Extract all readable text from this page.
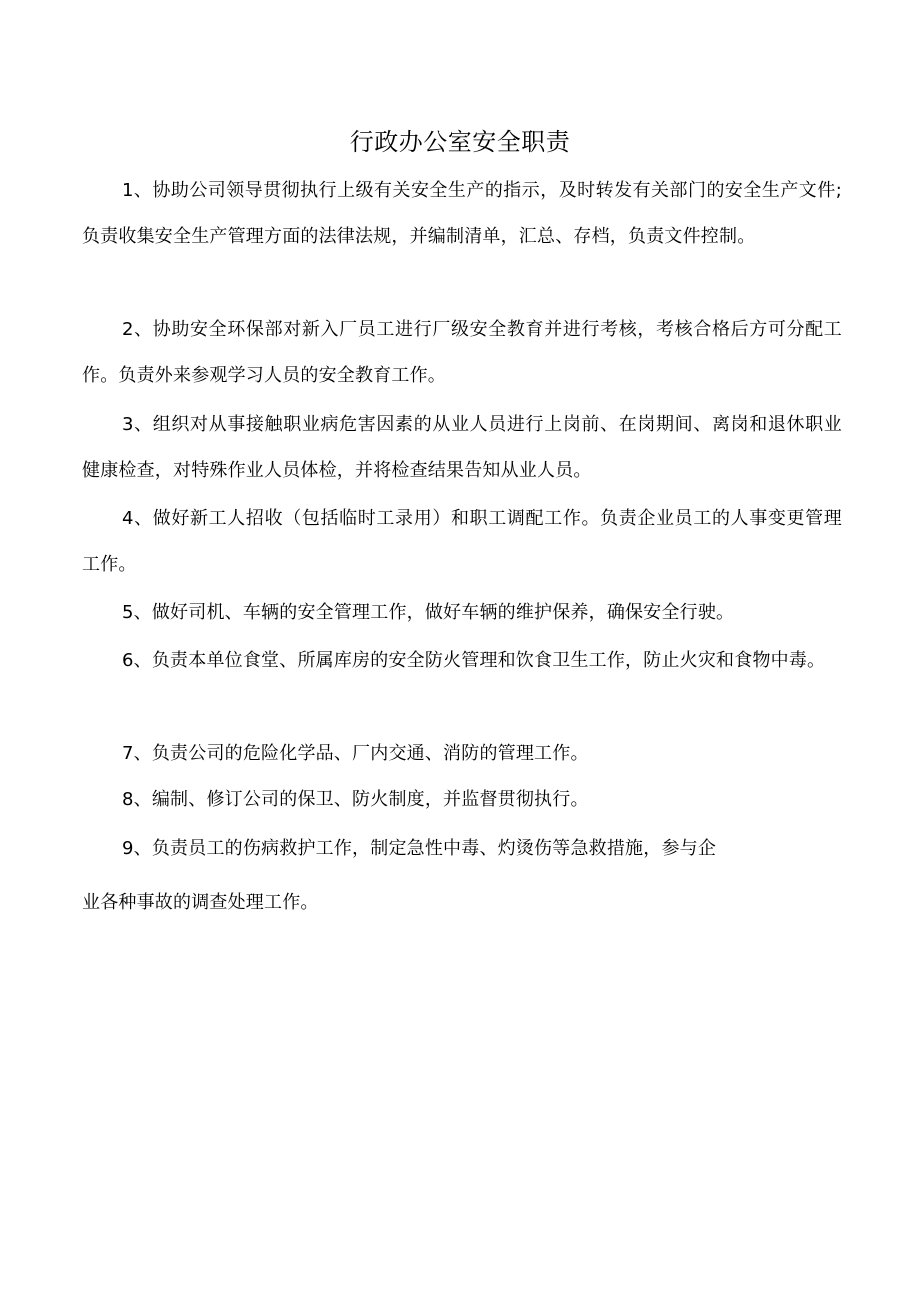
行政办公室安全职责

1、协助公司领导贯彻执行上级有关安全生产的指示，及时转发有关部门的安全生产文件;负责收集安全生产管理方面的法律法规，并编制清单，汇总、存档，负责文件控制。

2、协助安全环保部对新入厂员工进行厂级安全教育并进行考核，考核合格后方可分配工作。负责外来参观学习人员的安全教育工作。

3、组织对从事接触职业病危害因素的从业人员进行上岗前、在岗期间、离岗和退休职业健康检查，对特殊作业人员体检，并将检查结果告知从业人员。

4、做好新工人招收（包括临时工录用）和职工调配工作。负责企业员工的人事变更管理工作。

5、做好司机、车辆的安全管理工作，做好车辆的维护保养，确保安全行驶。

6、负责本单位食堂、所属库房的安全防火管理和饮食卫生工作，防止火灾和食物中毒。

7、负责公司的危险化学品、厂内交通、消防的管理工作。

8、编制、修订公司的保卫、防火制度，并监督贯彻执行。

9、负责员工的伤病救护工作，制定急性中毒、灼烫伤等急救措施，参与企

业各种事故的调查处理工作。
